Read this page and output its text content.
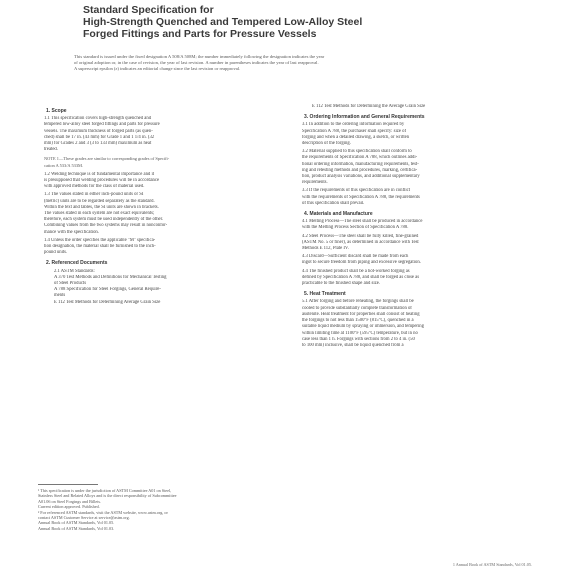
Standard Specification for
High-Strength Quenched and Tempered Low-Alloy Steel
Forged Fittings and Parts for Pressure Vessels
This standard is issued under the fixed designation A 508/A 508M; the number immediately following the designation indicates the year
of original adoption or, in the case of revision, the year of last revision. A number in parentheses indicates the year of last reapproval.
A superscript epsilon (ε) indicates an editorial change since the last revision or reapproval.
1. Scope
1.1 This specification covers high-strength quenched and
tempered low-alloy steel forged fittings and parts for pressure
vessels. The maximum thickness of forged parts (as quen-
ched) shall be 17 in. (43 mm) for Grade 1 and 1 1/4 in. (32
mm) for Grades 2 and 3 (3 to 133 mm) maximum as heat
treated.
NOTE 1—These grades are similar to corresponding grades of Specifi-
cation A 533/A 533M.
1.2 Welding technique is of fundamental importance and it
is presupposed that welding procedures will be in accordance
with approved methods for the class of material used.
1.3 The values stated in either inch-pound units or SI
(metric) units are to be regarded separately as the standard.
Within the text and tables, the SI units are shown in brackets.
The values stated in each system are not exact equivalents;
therefore, each system must be used independently of the other.
Combining values from the two systems may result in nonconfor-
mance with the specification.
1.4 Unless the order specifies the applicable "M" specifica-
tion designation, the material shall be furnished to the inch-
pound units.
2. Referenced Documents
2.1 ASTM Standards:
A 370 Test Methods and Definitions for Mechanical Testing
of Steel Products
A 788 Specification for Steel Forgings, General Require-
ments
E 112 Test Methods for Determining Average Grain Size
E 112 Test Methods for Determining the Average Grain Size
3. Ordering Information and General Requirements
3.1 In addition to the ordering information required by
Specification A 788, the purchaser shall specify: size of
forging and when a detailed drawing, a sketch, or written
description of the forging.
3.2 Material supplied to this specification shall conform to
the requirements of Specification A 788, which outlines addi-
tional ordering information, manufacturing requirements, test-
ing and retesting methods and procedures, marking, certifica-
tion, product analysis variations, and additional supplementary
requirements.
3.3 If the requirements of this specification are in conflict
with the requirements of Specification A 788, the requirements
of this specification shall prevail.
4. Materials and Manufacture
4.1 Melting Process—The steel shall be produced in accordance
with the Melting Process Section of Specification A 788.
4.2 Steel Process—The steel shall be fully killed, fine-grained
(ASTM No. 5 or finer), as determined in accordance with Test
Methods E 112, Plate IV.
4.3 Discard—Sufficient discard shall be made from each
ingot to secure freedom from piping and excessive segregation.
4.4 The finished product shall be a hot-worked forging as
defined by Specification A 788, and shall be forged as close as
practicable to the finished shape and size.
5. Heat Treatment
5.1 After forging and before reheating, the forgings shall be
cooled to provide substantially complete transformation of
austenite. Heat treatment for properties shall consist of heating
the forgings to not less than 1500°F (815°C), quenched in a
suitable liquid medium by spraying or immersion, and tempering
within limiting time at 1100°F (595°C) temperature, but in no
case less than 1 h. Forgings with sections from 2 to 4 in. (50
to 100 mm) inclusive, shall be liquid quenched from a
¹ This specification is under the jurisdiction of ASTM Committee A01 on Steel,
Stainless Steel and Related Alloys and is the direct responsibility of Subcommittee
A01.06 on Steel Forgings and Billets.
Current edition approved. Published.
² For referenced ASTM standards, visit the ASTM website, www.astm.org, or
contact ASTM Customer Service at service@astm.org.
Annual Book of ASTM Standards, Vol 01.05.
Annual Book of ASTM Standards, Vol 01.03.
1 Annual Book of ASTM Standards, Vol 01.05.
